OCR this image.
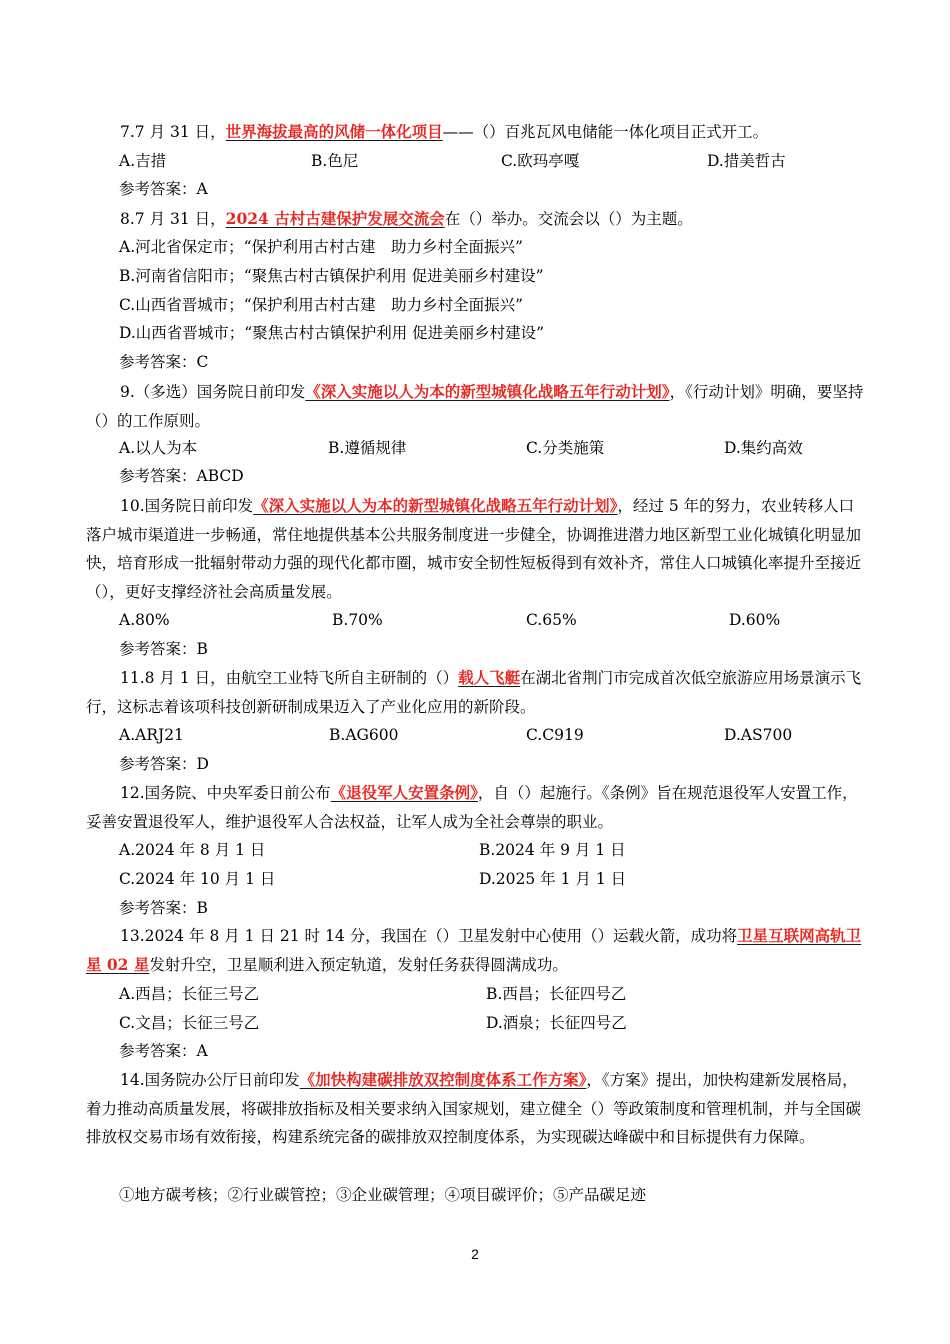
7.7 月 31 日，世界海拔最高的风储一体化项目——（）百兆瓦风电储能一体化项目正式开工。

A.吉措	B.色尼	C.欧玛亭嘎	D.措美哲古

参考答案：A

8.7 月 31 日，2024 古村古建保护发展交流会在（）举办。交流会以（）为主题。

A.河北省保定市；“保护利用古村古建　助力乡村全面振兴”

B.河南省信阳市；“聚焦古村古镇保护利用 促进美丽乡村建设”

C.山西省晋城市；“保护利用古村古建　助力乡村全面振兴”

D.山西省晋城市；“聚焦古村古镇保护利用 促进美丽乡村建设”

参考答案：C

9.（多选）国务院日前印发《深入实施以人为本的新型城镇化战略五年行动计划》，《行动计划》明确，要坚持（）的工作原则。

A.以人为本	B.遵循规律	C.分类施策	D.集约高效

参考答案：ABCD

10.国务院日前印发《深入实施以人为本的新型城镇化战略五年行动计划》，经过 5 年的努力，农业转移人口落户城市渠道进一步畅通，常住地提供基本公共服务制度进一步健全，协调推进潜力地区新型工业化城镇化明显加快，培育形成一批辐射带动力强的现代化都市圈，城市安全韧性短板得到有效补齐，常住人口城镇化率提升至接近（），更好支撑经济社会高质量发展。

A.80%	B.70%	C.65%	D.60%

参考答案：B

11.8 月 1 日，由航空工业特飞所自主研制的（）载人飞艇在湖北省荆门市完成首次低空旅游应用场景演示飞行，这标志着该项科技创新研制成果迈入了产业化应用的新阶段。

A.ARJ21	B.AG600	C.C919	D.AS700

参考答案：D

12.国务院、中央军委日前公布《退役军人安置条例》，自（）起施行。《条例》旨在规范退役军人安置工作，妥善安置退役军人，维护退役军人合法权益，让军人成为全社会尊崇的职业。

A.2024 年 8 月 1 日	B.2024 年 9 月 1 日

C.2024 年 10 月 1 日	D.2025 年 1 月 1 日

参考答案：B

13.2024 年 8 月 1 日 21 时 14 分，我国在（）卫星发射中心使用（）运载火箭，成功将卫星互联网高轨卫星 02 星发射升空，卫星顺利进入预定轨道，发射任务获得圆满成功。

A.西昌；长征三号乙	B.西昌；长征四号乙

C.文昌；长征三号乙	D.酒泉；长征四号乙

参考答案：A

14.国务院办公厅日前印发《加快构建碳排放双控制度体系工作方案》，《方案》提出，加快构建新发展格局，着力推动高质量发展，将碳排放指标及相关要求纳入国家规划，建立健全（）等政策制度和管理机制，并与全国碳排放权交易市场有效衔接，构建系统完备的碳排放双控制度体系，为实现碳达峰碳中和目标提供有力保障。

①地方碳考核；②行业碳管控；③企业碳管理；④项目碳评价；⑤产品碳足迹

2
